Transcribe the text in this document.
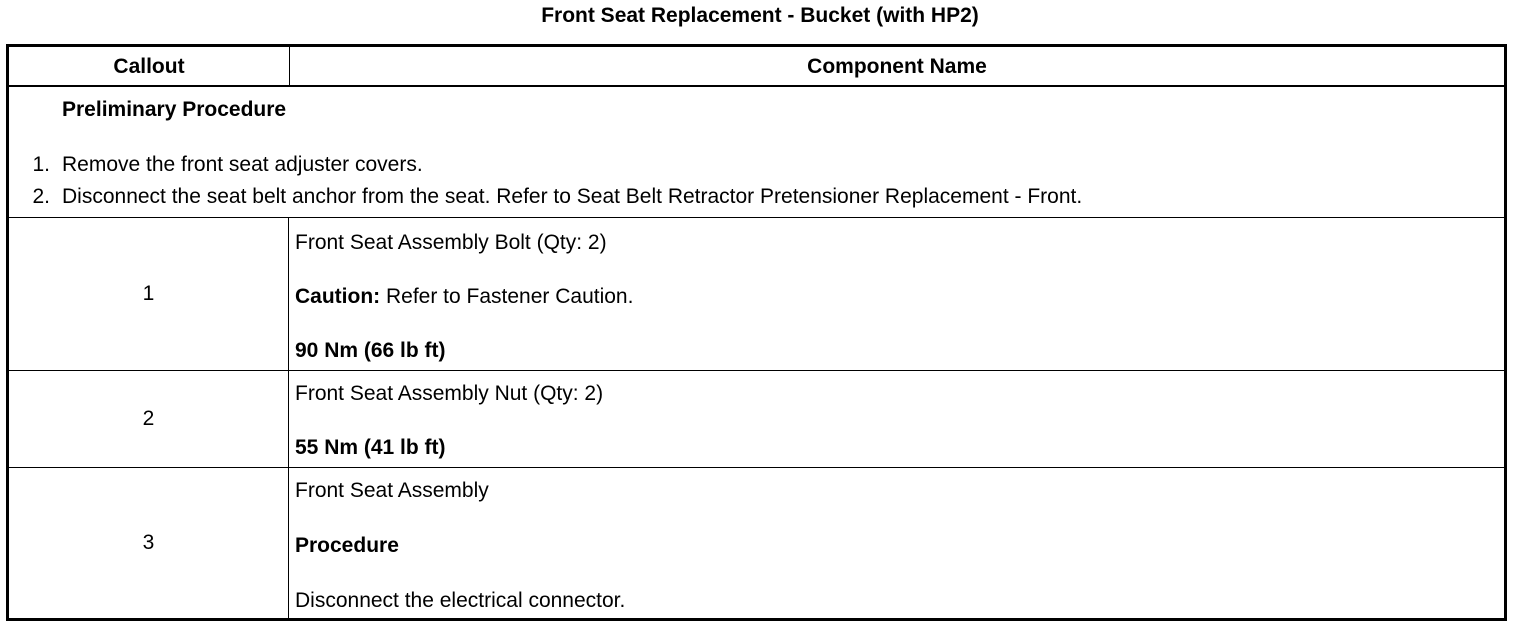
Front Seat Replacement - Bucket (with HP2)
Callout	Component Name
Preliminary Procedure
1. Remove the front seat adjuster covers.
2. Disconnect the seat belt anchor from the seat. Refer to Seat Belt Retractor Pretensioner Replacement - Front.
1
Front Seat Assembly Bolt (Qty: 2)
Caution: Refer to Fastener Caution.
90 Nm (66 lb ft)
2
Front Seat Assembly Nut (Qty: 2)
55 Nm (41 lb ft)
3
Front Seat Assembly
Procedure
Disconnect the electrical connector.
